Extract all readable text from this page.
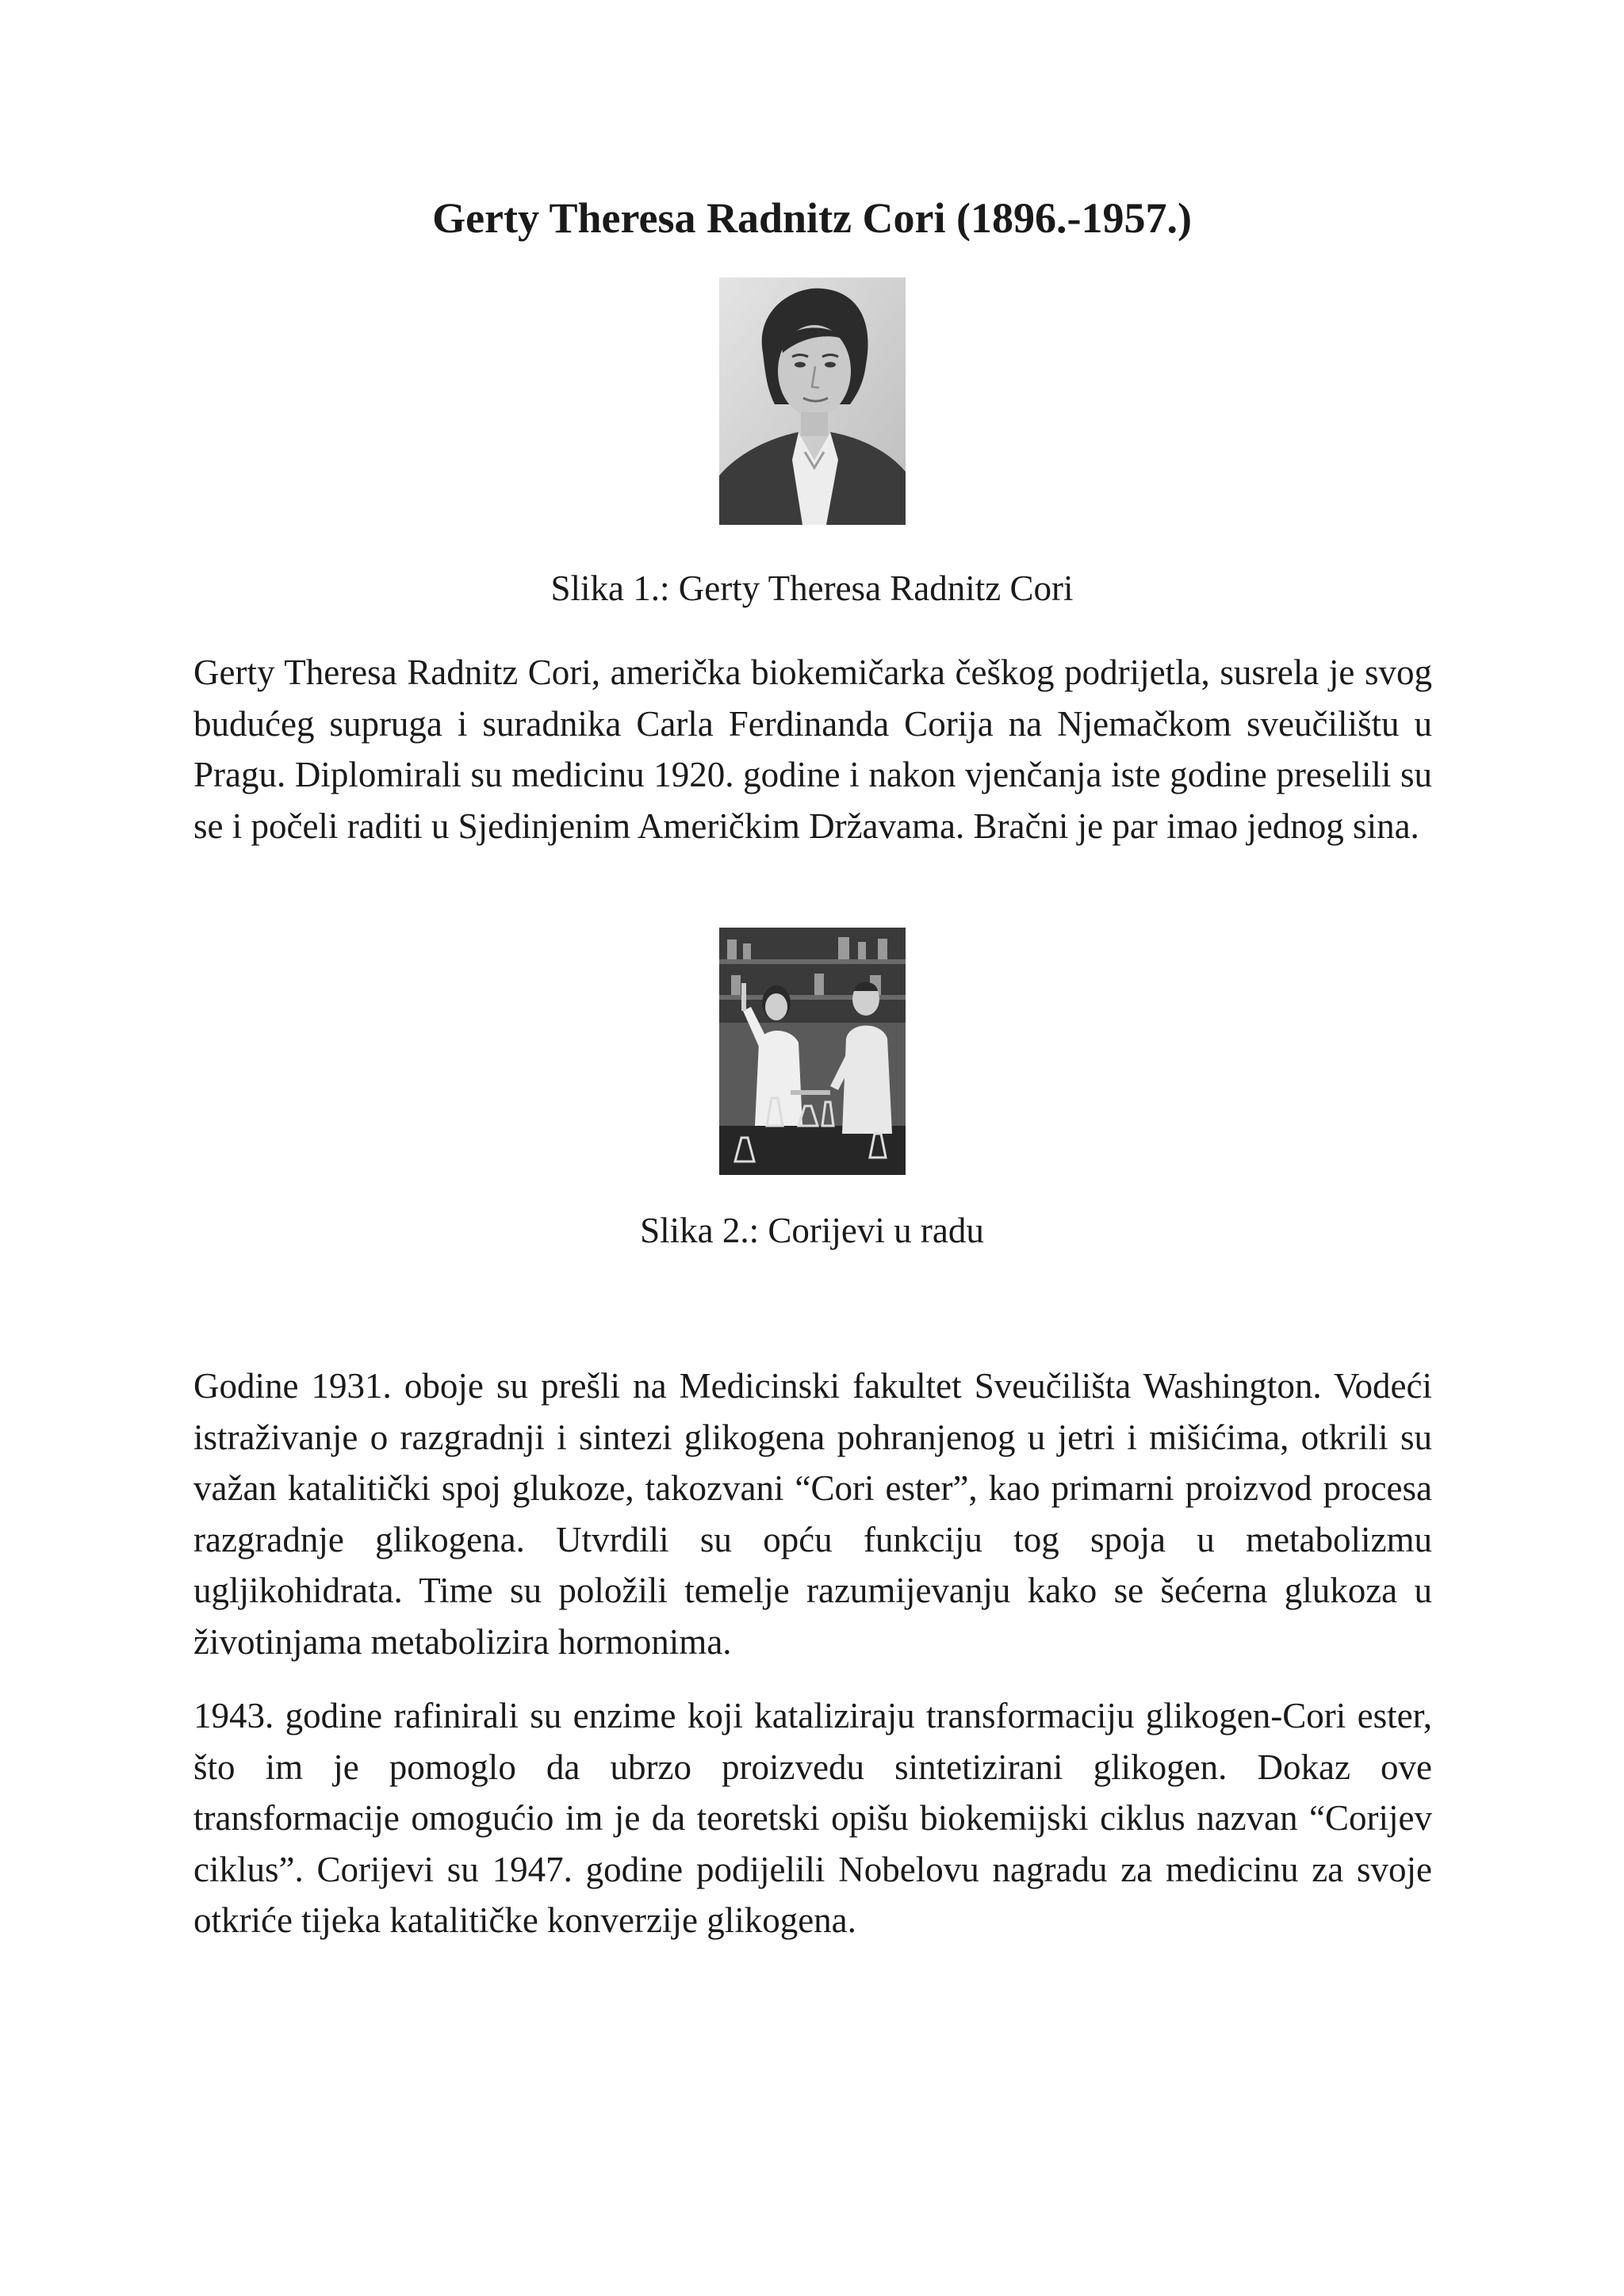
Gerty Theresa Radnitz Cori (1896.-1957.)
Slika 1.: Gerty Theresa Radnitz Cori

Gerty Theresa Radnitz Cori, američka biokemičarka češkog podrijetla, susrela je svog budućeg supruga i suradnika Carla Ferdinanda Corija na Njemačkom sveučilištu u Pragu. Diplomirali su medicinu 1920. godine i nakon vjenčanja iste godine preselili su se i počeli raditi u Sjedinjenim Američkim Državama. Bračni je par imao jednog sina.

Slika 2.: Corijevi u radu

Godine 1931. oboje su prešli na Medicinski fakultet Sveučilišta Washington. Vodeći istraživanje o razgradnji i sintezi glikogena pohranjenog u jetri i mišićima, otkrili su važan katalitički spoj glukoze, takozvani “Cori ester”, kao primarni proizvod procesa razgradnje glikogena. Utvrdili su opću funkciju tog spoja u metabolizmu ugljikohidrata. Time su položili temelje razumijevanju kako se šećerna glukoza u životinjama metabolizira hormonima.

1943. godine rafinirali su enzime koji kataliziraju transformaciju glikogen-Cori ester, što im je pomoglo da ubrzo proizvedu sintetizirani glikogen. Dokaz ove transformacije omogućio im je da teoretski opišu biokemijski ciklus nazvan “Corijev ciklus”. Corijevi su 1947. godine podijelili Nobelovu nagradu za medicinu za svoje otkriće tijeka katalitičke konverzije glikogena.
